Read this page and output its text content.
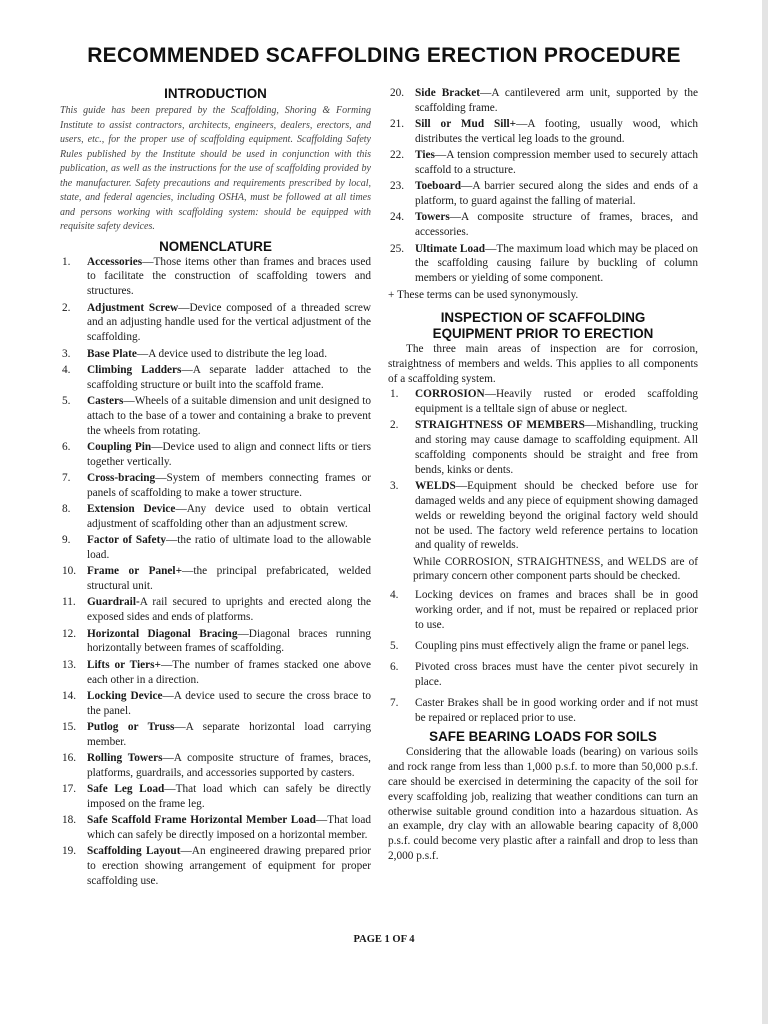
RECOMMENDED SCAFFOLDING ERECTION PROCEDURE
INTRODUCTION

This guide has been prepared by the Scaffolding, Shoring & Forming Institute to assist contractors, architects, engineers, dealers, erectors, and users, etc., for the proper use of scaffolding equipment. Scaffolding Safety Rules published by the Institute should be used in conjunction with this publication, as well as the instructions for the use of scaffolding provided by the manufacturer. Safety precautions and requirements prescribed by local, state, and federal agencies, including OSHA, must be followed at all times and persons working with scaffolding system: should be equipped with requisite safety devices.

NOMENCLATURE
1. Accessories—Those items other than frames and braces used to facilitate the construction of scaffolding towers and structures.
2. Adjustment Screw—Device composed of a threaded screw and an adjusting handle used for the vertical adjustment of the scaffolding.
3. Base Plate—A device used to distribute the leg load.
4. Climbing Ladders—A separate ladder attached to the scaffolding structure or built into the scaffold frame.
5. Casters—Wheels of a suitable dimension and unit designed to attach to the base of a tower and containing a brake to prevent the wheels from rotating.
6. Coupling Pin—Device used to align and connect lifts or tiers together vertically.
7. Cross-bracing—System of members connecting frames or panels of scaffolding to make a tower structure.
8. Extension Device—Any device used to obtain vertical adjustment of scaffolding other than an adjustment screw.
9. Factor of Safety—the ratio of ultimate load to the allowable load.
10. Frame or Panel+—the principal prefabricated, welded structural unit.
11. Guardrail-A rail secured to uprights and erected along the exposed sides and ends of platforms.
12. Horizontal Diagonal Bracing—Diagonal braces running horizontally between frames of scaffolding.
13. Lifts or Tiers+—The number of frames stacked one above each other in a direction.
14. Locking Device—A device used to secure the cross brace to the panel.
15. Putlog or Truss—A separate horizontal load carrying member.
16. Rolling Towers—A composite structure of frames, braces, platforms, guardrails, and accessories supported by casters.
17. Safe Leg Load—That load which can safely be directly imposed on the frame leg.
18. Safe Scaffold Frame Horizontal Member Load—That load which can safely be directly imposed on a horizontal member.
19. Scaffolding Layout—An engineered drawing prepared prior to erection showing arrangement of equipment for proper scaffolding use.
20. Side Bracket—A cantilevered arm unit, supported by the scaffolding frame.
21. Sill or Mud Sill+—A footing, usually wood, which distributes the vertical leg loads to the ground.
22. Ties—A tension compression member used to securely attach scaffold to a structure.
23. Toeboard—A barrier secured along the sides and ends of a platform, to guard against the falling of material.
24. Towers—A composite structure of frames, braces, and accessories.
25. Ultimate Load—The maximum load which may be placed on the scaffolding causing failure by buckling of column members or yielding of some component.

+ These terms can be used synonymously.

INSPECTION OF SCAFFOLDING
EQUIPMENT PRIOR TO ERECTION

The three main areas of inspection are for corrosion, straightness of members and welds. This applies to all components of a scaffolding system.

1. CORROSION—Heavily rusted or eroded scaffolding equipment is a telltale sign of abuse or neglect.
2. STRAIGHTNESS OF MEMBERS—Mishandling, trucking and storing may cause damage to scaffolding equipment. All scaffolding components should be straight and free from bends, kinks or dents.
3. WELDS—Equipment should be checked before use for damaged welds and any piece of equipment showing damaged welds or rewelding beyond the original factory weld should not be used. The factory weld reference pertains to location and quality of rewelds.

While CORROSION, STRAIGHTNESS, and WELDS are of primary concern other component parts should be checked.

4. Locking devices on frames and braces shall be in good working order, and if not, must be repaired or replaced prior to use.
5. Coupling pins must effectively align the frame or panel legs.
6. Pivoted cross braces must have the center pivot securely in place.
7. Caster Brakes shall be in good working order and if not must be repaired or replaced prior to use.
SAFE BEARING LOADS FOR SOILS

Considering that the allowable loads (bearing) on various soils and rock range from less than 1,000 p.s.f. to more than 50,000 p.s.f. care should be exercised in determining the capacity of the soil for every scaffolding job, realizing that weather conditions can turn an otherwise suitable ground condition into a hazardous situation. As an example, dry clay with an allowable bearing capacity of 8,000 p.s.f. could become very plastic after a rainfall and drop to less than 2,000 p.s.f.

PAGE 1 OF 4
